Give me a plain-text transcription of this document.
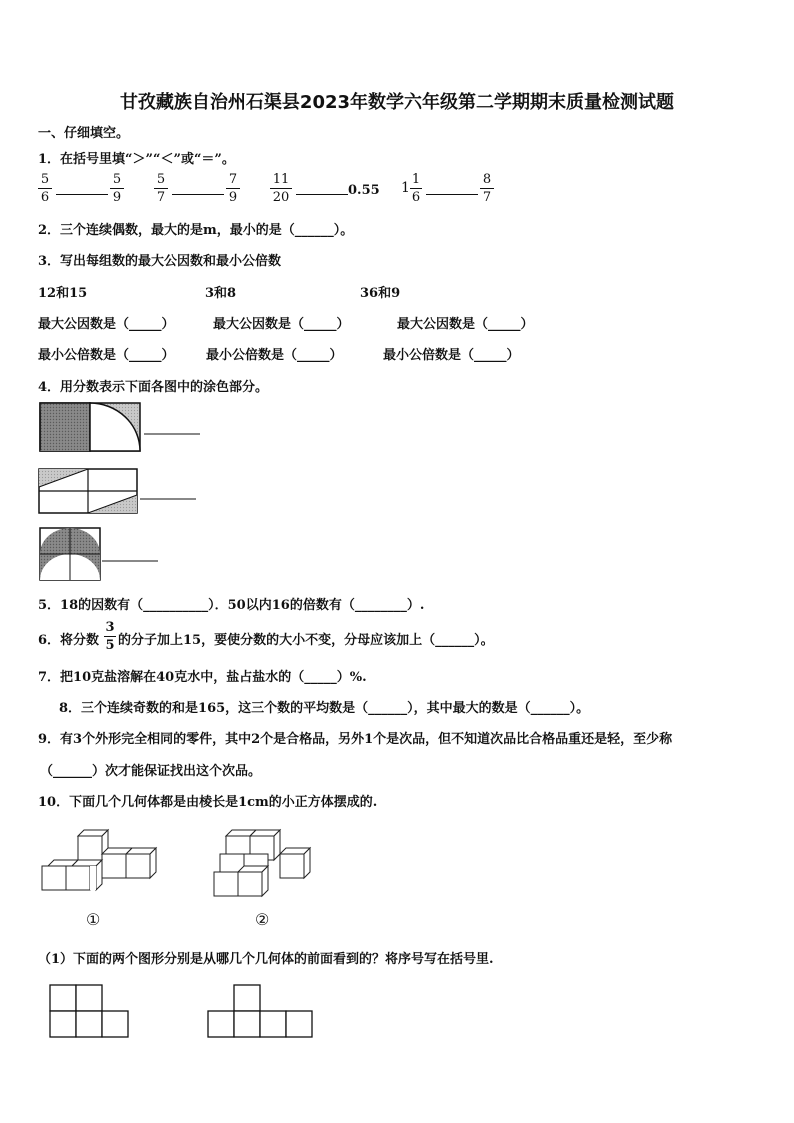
甘孜藏族自治州石渠县2023年数学六年级第二学期期末质量检测试题
一、仔细填空。
1．在括号里填“＞”“＜”或“＝”。
5
6
5
9
5
7
7
9
11
20	0.55 1
1
6
8
7
2．三个连续偶数，最大的是m，最小的是（______）。
3．写出每组数的最大公因数和最小公倍数
12和15	3和8	36和9
最大公因数是（_____）	最大公因数是（_____）	最大公因数是（_____）
最小公倍数是（_____） 最小公倍数是（_____）	最小公倍数是（_____）
4．用分数表示下面各图中的涂色部分。
5．18的因数有（__________）．50以内16的倍数有（________）.
6．将分数
3
5 的分子加上15，要使分数的大小不变，分母应该加上（______）。
7．把10克盐溶解在40克水中，盐占盐水的（_____）%.
8．三个连续奇数的和是165，这三个数的平均数是（______），其中最大的数是（______）。
9．有3个外形完全相同的零件，其中2个是合格品，另外1个是次品，但不知道次品比合格品重还是轻，至少称
（______）次才能保证找出这个次品。
10．下面几个几何体都是由棱长是1cm的小正方体摆成的.
①	②
（1）下面的两个图形分别是从哪几个几何体的前面看到的？将序号写在括号里.
